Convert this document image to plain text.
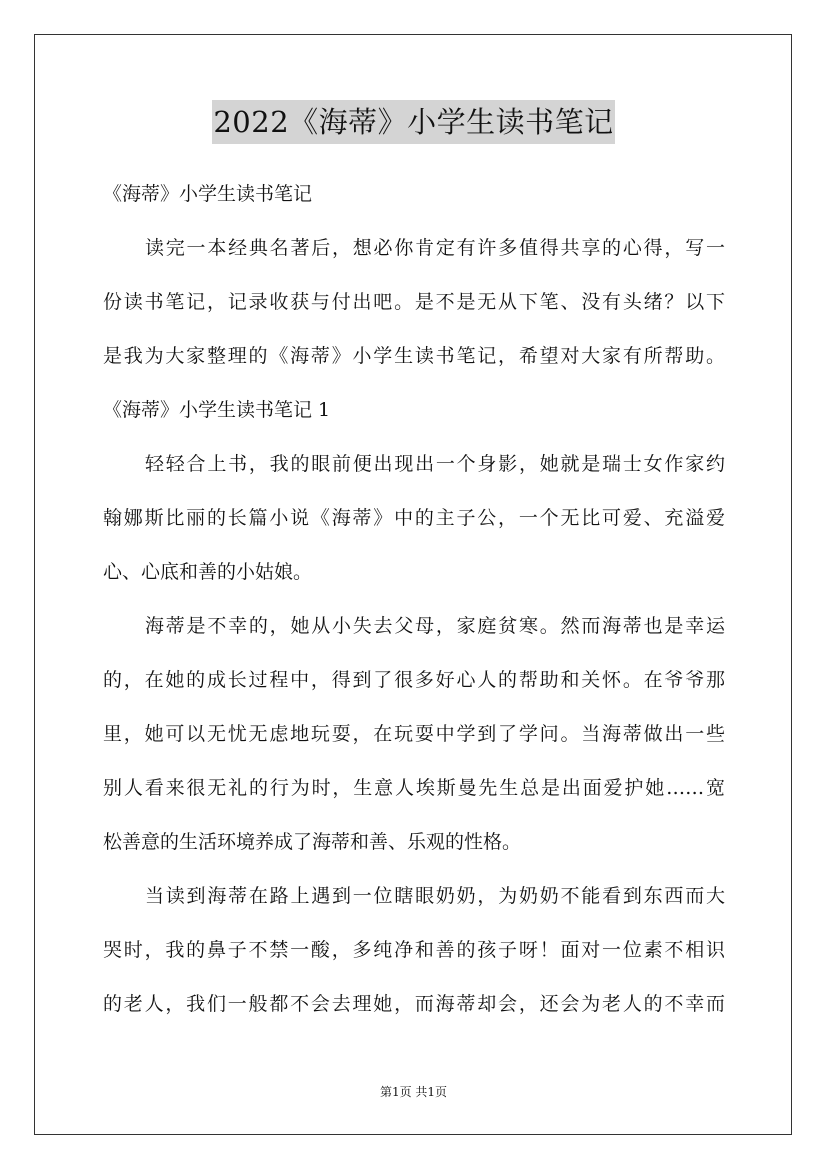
2022《海蒂》小学生读书笔记
《海蒂》小学生读书笔记
读完一本经典名著后，想必你肯定有许多值得共享的心得，写一
份读书笔记，记录收获与付出吧。是不是无从下笔、没有头绪？以下
是我为大家整理的《海蒂》小学生读书笔记，希望对大家有所帮助。
《海蒂》小学生读书笔记 1
轻轻合上书，我的眼前便出现出一个身影，她就是瑞士女作家约
翰娜斯比丽的长篇小说《海蒂》中的主子公，一个无比可爱、充溢爱
心、心底和善的小姑娘。
海蒂是不幸的，她从小失去父母，家庭贫寒。然而海蒂也是幸运
的，在她的成长过程中，得到了很多好心人的帮助和关怀。在爷爷那
里，她可以无忧无虑地玩耍，在玩耍中学到了学问。当海蒂做出一些
别人看来很无礼的行为时，生意人埃斯曼先生总是出面爱护她……宽
松善意的生活环境养成了海蒂和善、乐观的性格。
当读到海蒂在路上遇到一位瞎眼奶奶，为奶奶不能看到东西而大
哭时，我的鼻子不禁一酸，多纯净和善的孩子呀！面对一位素不相识
的老人，我们一般都不会去理她，而海蒂却会，还会为老人的不幸而
第1页 共1页
